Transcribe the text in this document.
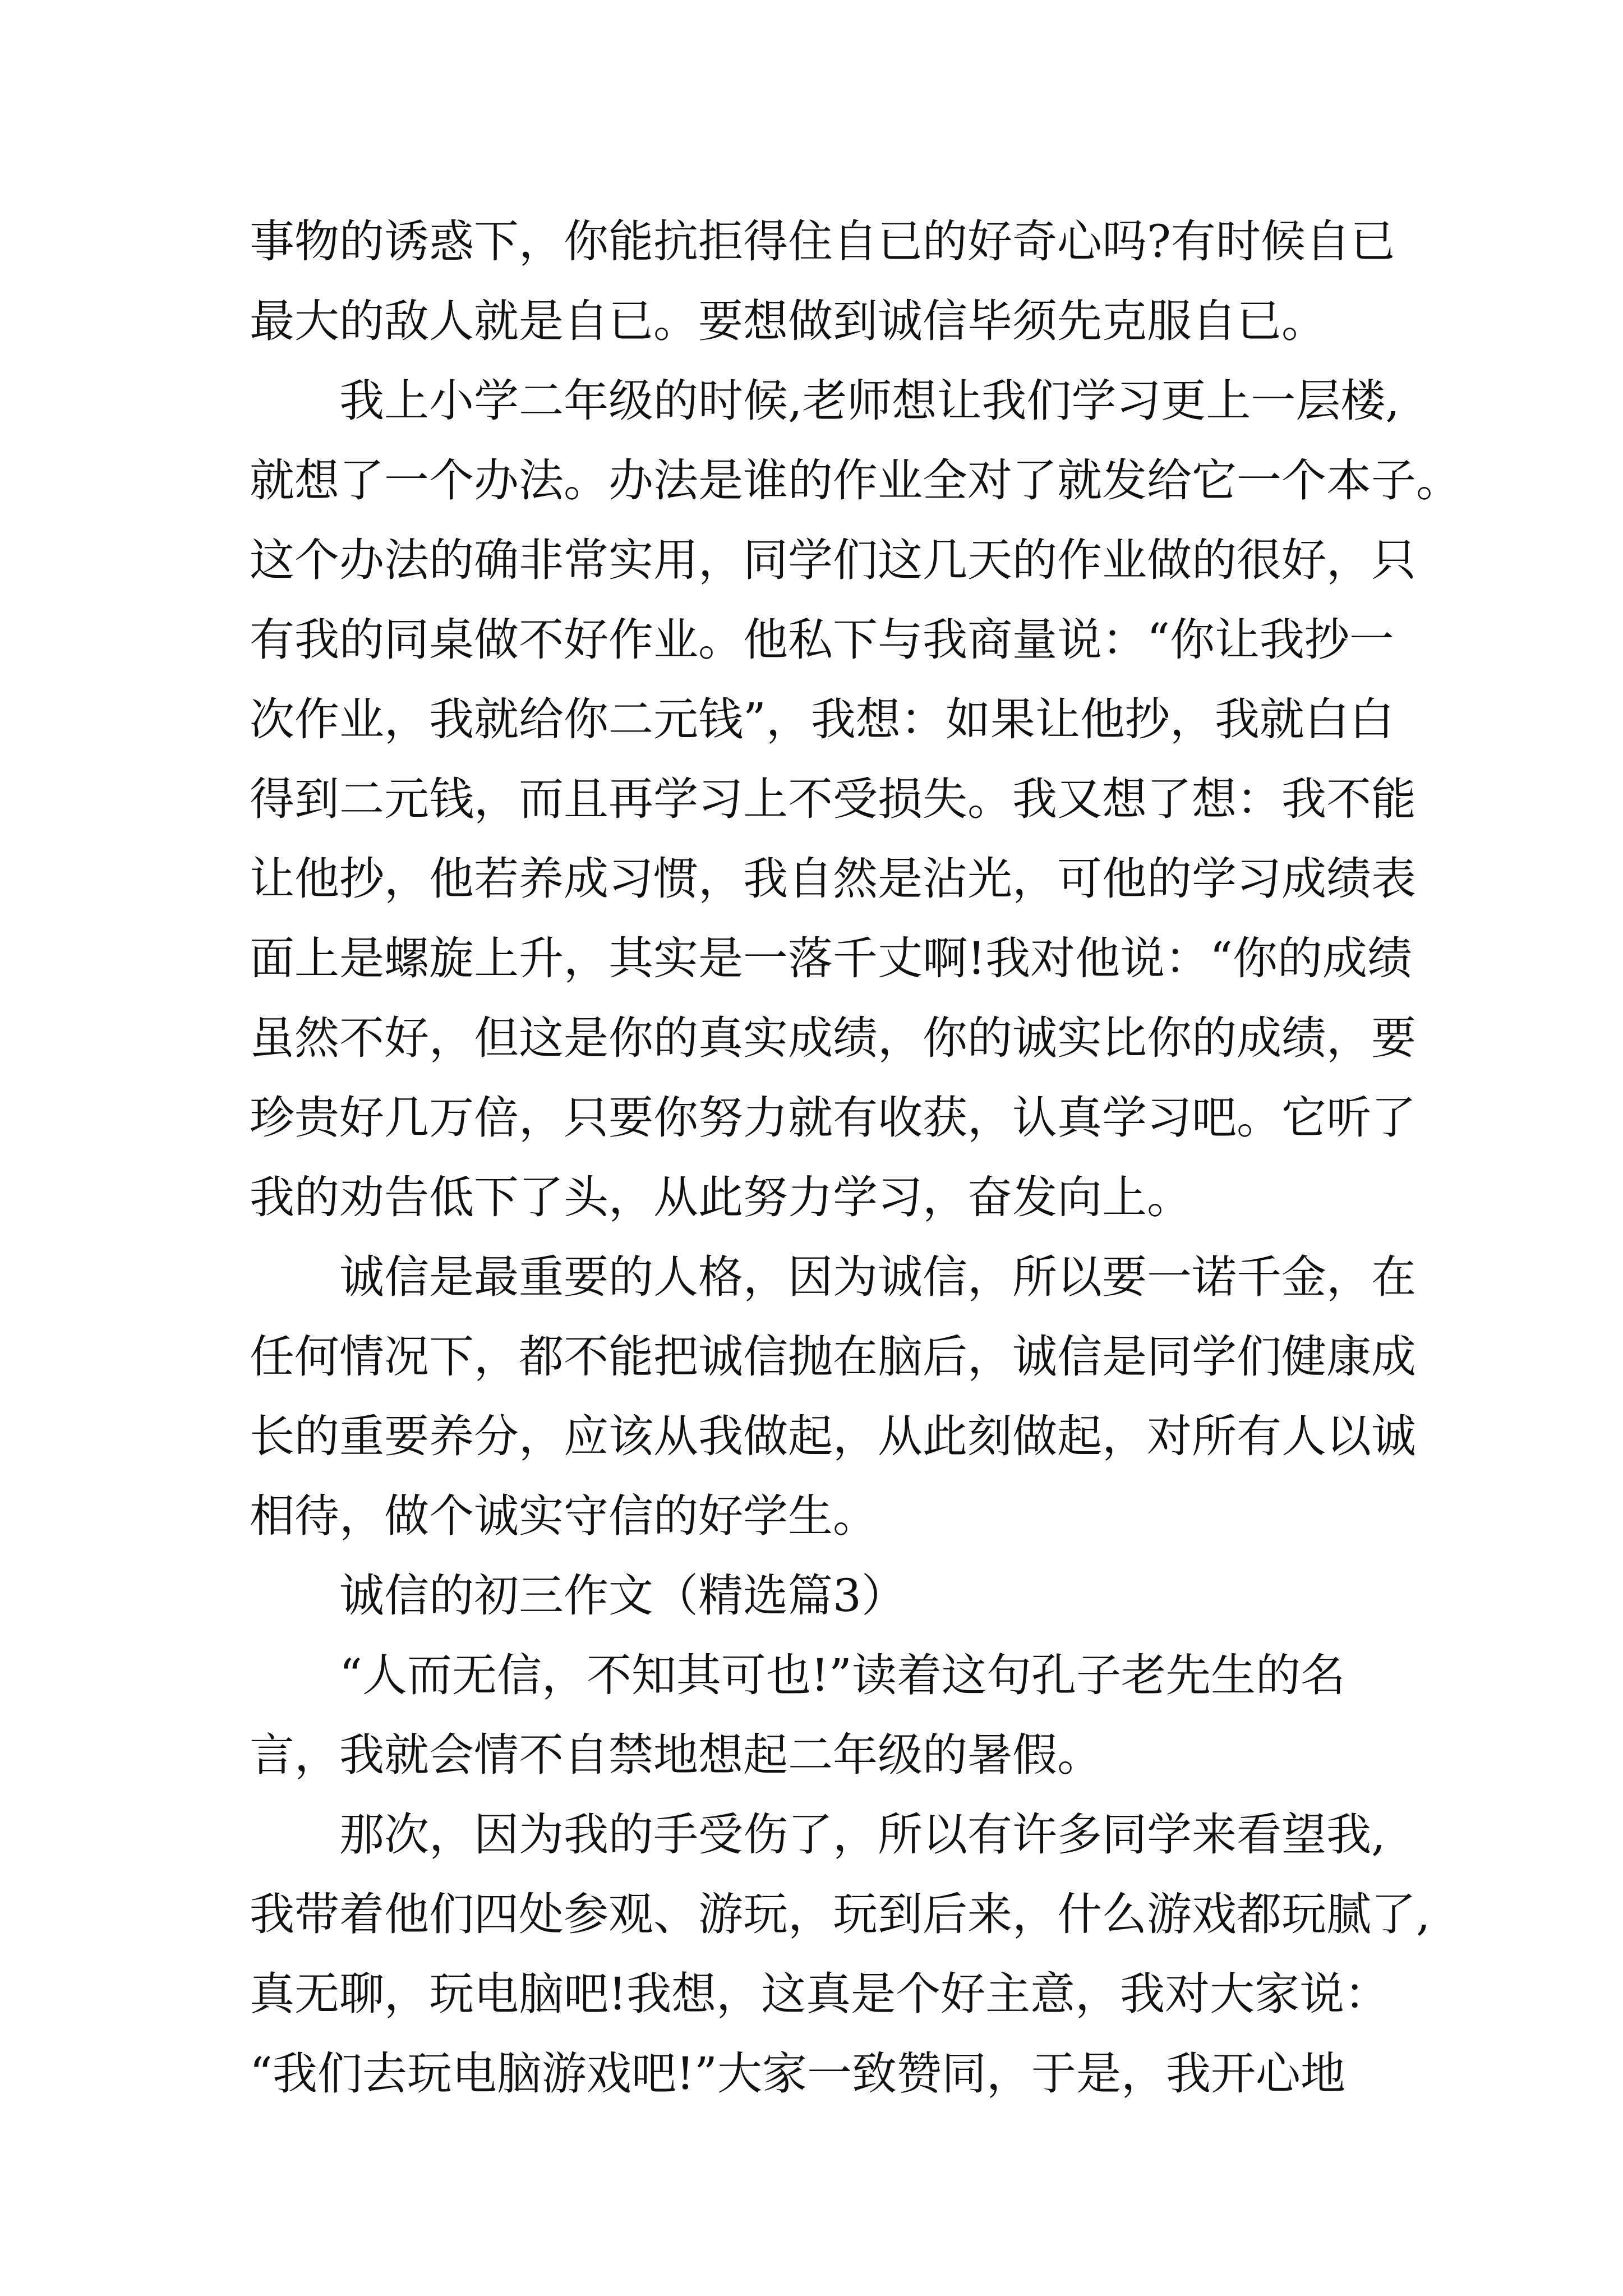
事物的诱惑下，你能抗拒得住自已的好奇心吗?有时候自已
最大的敌人就是自已。要想做到诚信毕须先克服自已。
我上小学二年级的时候,老师想让我们学习更上一层楼,
就想了一个办法。办法是谁的作业全对了就发给它一个本子。
这个办法的确非常实用，同学们这几天的作业做的很好，只
有我的同桌做不好作业。他私下与我商量说：“你让我抄一
次作业，我就给你二元钱”，我想：如果让他抄，我就白白
得到二元钱，而且再学习上不受损失。我又想了想：我不能
让他抄，他若养成习惯，我自然是沾光，可他的学习成绩表
面上是螺旋上升，其实是一落千丈啊!我对他说：“你的成绩
虽然不好，但这是你的真实成绩，你的诚实比你的成绩，要
珍贵好几万倍，只要你努力就有收获，认真学习吧。它听了
我的劝告低下了头，从此努力学习，奋发向上。
诚信是最重要的人格，因为诚信，所以要一诺千金，在
任何情况下，都不能把诚信抛在脑后，诚信是同学们健康成
长的重要养分，应该从我做起，从此刻做起，对所有人以诚
相待，做个诚实守信的好学生。
诚信的初三作文（精选篇3）
“人而无信，不知其可也!”读着这句孔子老先生的名
言，我就会情不自禁地想起二年级的暑假。
那次，因为我的手受伤了，所以有许多同学来看望我,
我带着他们四处参观、游玩，玩到后来，什么游戏都玩腻了,
真无聊，玩电脑吧!我想，这真是个好主意，我对大家说：
“我们去玩电脑游戏吧!”大家一致赞同，于是，我开心地
